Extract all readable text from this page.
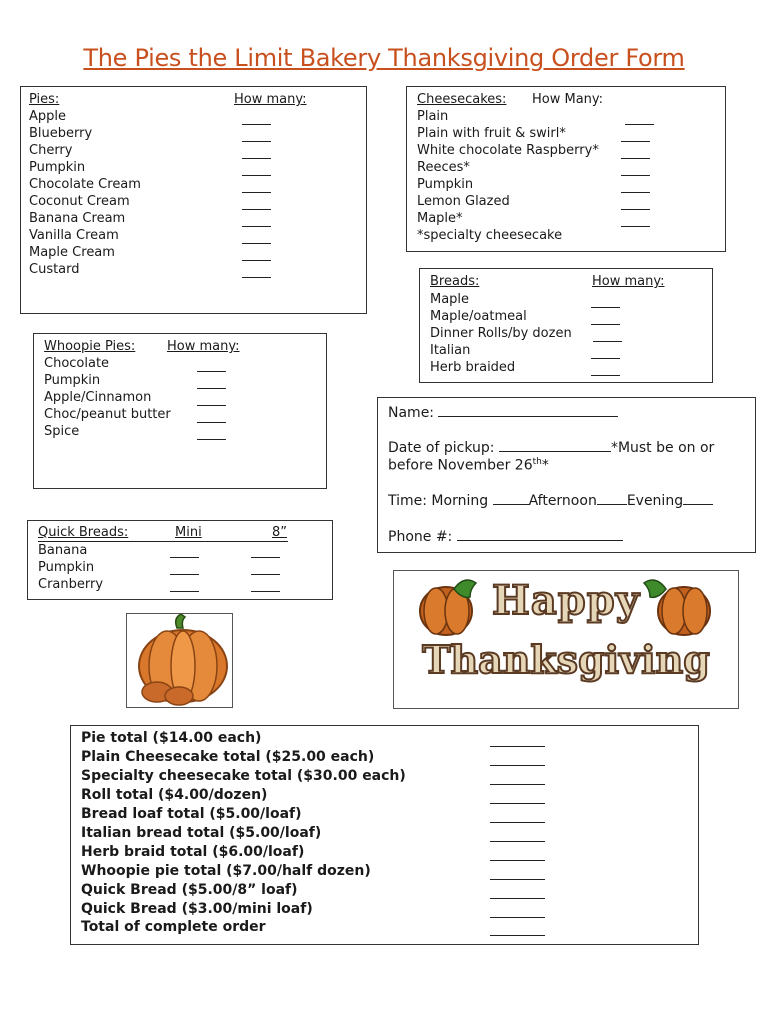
The Pies the Limit Bakery Thanksgiving Order Form
Pies:	How many:
Apple
Blueberry
Cherry
Pumpkin
Chocolate Cream
Coconut Cream
Banana Cream
Vanilla Cream
Maple Cream
Custard
Cheesecakes: How Many:
Plain
Plain with fruit & swirl*
White chocolate Raspberry*
Reeces*
Pumpkin
Lemon Glazed
Maple*
*specialty cheesecake
Breads:	How many:
Maple
Maple/oatmeal
Dinner Rolls/by dozen
Italian
Herb braided
Whoopie Pies: How many:
Chocolate
Pumpkin
Apple/Cinnamon
Choc/peanut butter
Spice
Quick Breads:	Mini	8”
Banana
Pumpkin
Cranberry
Name:
Date of pickup:	*Must be on or
before November 26th*
Time: Morning	Afternoon Evening
Phone #:
Happy
Thanksgiving
Pie total ($14.00 each)
Plain Cheesecake total ($25.00 each)
Specialty cheesecake total ($30.00 each)
Roll total ($4.00/dozen)
Bread loaf total ($5.00/loaf)
Italian bread total ($5.00/loaf)
Herb braid total ($6.00/loaf)
Whoopie pie total ($7.00/half dozen)
Quick Bread ($5.00/8” loaf)
Quick Bread ($3.00/mini loaf)
Total of complete order
